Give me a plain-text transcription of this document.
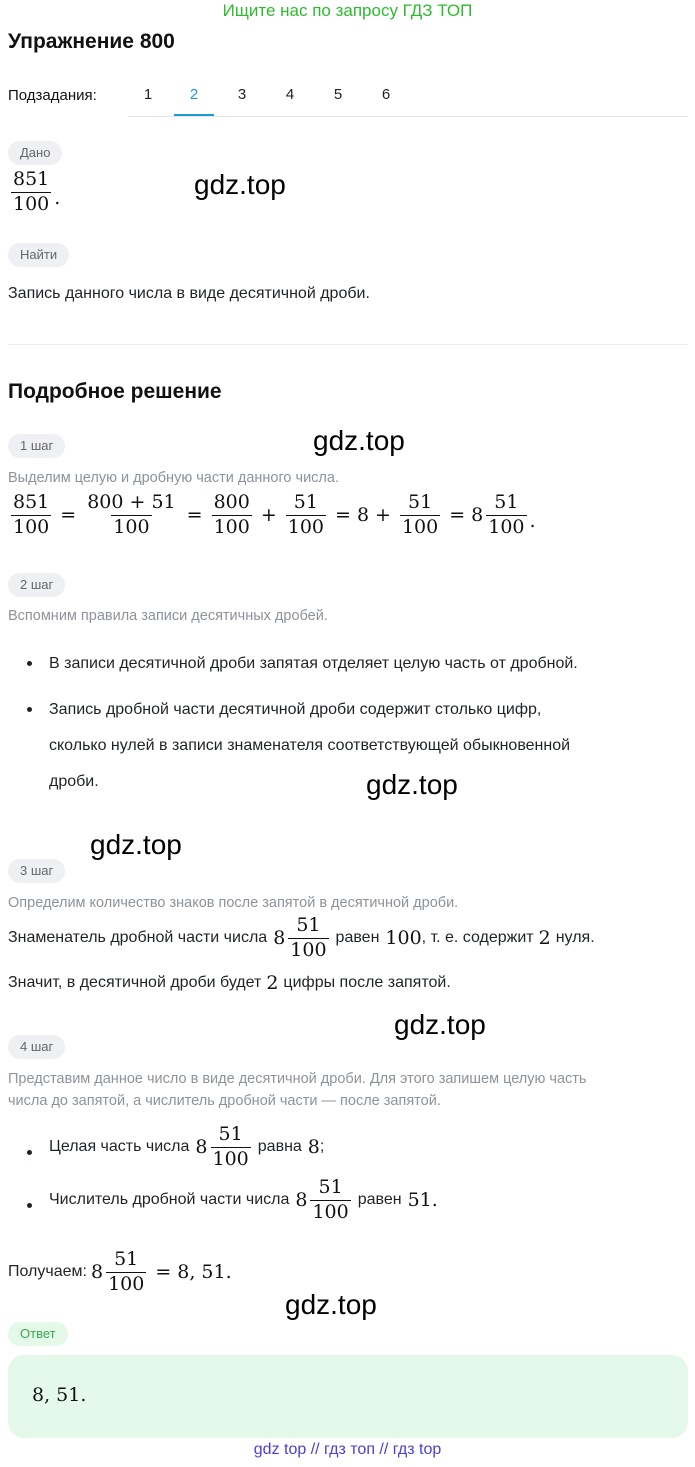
Ищите нас по запросу ГДЗ ТОП
Упражнение 800
Подзадания:	1	2	3	4	5	6
Дано
$\frac{851}{100}$ .	gdz.top
Найти
Запись данного числа в виде десятичной дроби.
Подробное решение
1 шаг	gdz.top
Выделим целую и дробную части данного числа.
$\frac{851}{100} = \frac{800 + 51}{100} = \frac{800}{100} + \frac{51}{100} = 8 + \frac{51}{100} = 8 \frac{51}{100}$ .
2 шаг
Вспомним правила записи десятичных дробей.
В записи десятичной дроби запятая отделяет целую часть от дробной.
Запись дробной части десятичной дроби содержит столько цифр,
сколько нулей в записи знаменателя соответствующей обыкновенной
дроби.	gdz.top
gdz.top
3 шаг
Определим количество знаков после запятой в десятичной дроби.
Знаменатель дробной части числа $8 \frac{51}{100}$ равен 100 , т. е. содержит 2 нуля.
Значит, в десятичной дроби будет 2 цифры после запятой.
gdz.top
4 шаг
Представим данное число в виде десятичной дроби. Для этого запишем целую часть
числа до запятой, а числитель дробной части — после запятой.
Целая часть числа $8 \frac{51}{100}$ равна 8 ;
Числитель дробной части числа $8 \frac{51}{100}$ равен 51.
Получаем: $8 \frac{51}{100} = 8$, 51.
gdz.top
Ответ
8, 51.
gdz top // гдз топ // гдз top
